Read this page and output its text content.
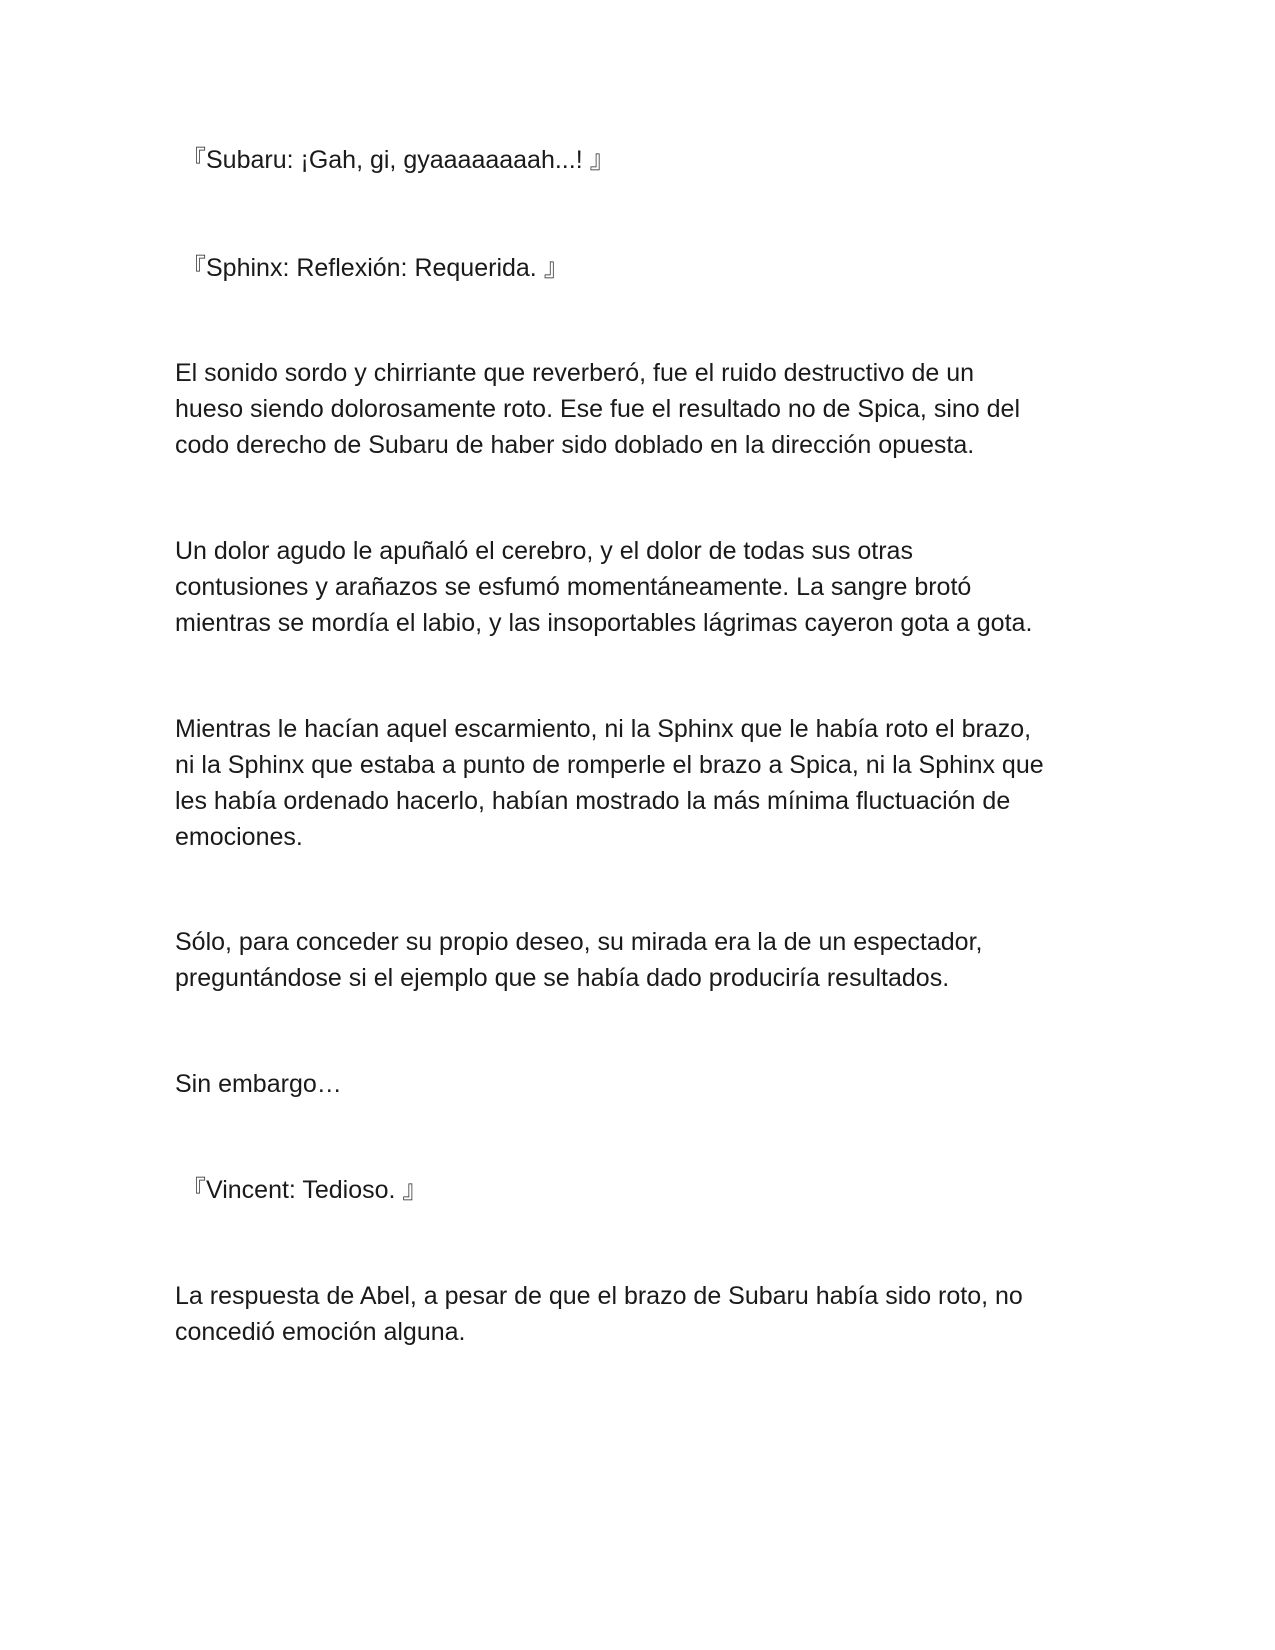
『Subaru: ¡Gah, gi, gyaaaaaaaah...! 』

『Sphinx: Reflexión: Requerida. 』

El sonido sordo y chirriante que reverberó, fue el ruido destructivo de un

hueso siendo dolorosamente roto. Ese fue el resultado no de Spica, sino del

codo derecho de Subaru de haber sido doblado en la dirección opuesta.

Un dolor agudo le apuñaló el cerebro, y el dolor de todas sus otras

contusiones y arañazos se esfumó momentáneamente. La sangre brotó

mientras se mordía el labio, y las insoportables lágrimas cayeron gota a gota.

Mientras le hacían aquel escarmiento, ni la Sphinx que le había roto el brazo,

ni la Sphinx que estaba a punto de romperle el brazo a Spica, ni la Sphinx que

les había ordenado hacerlo, habían mostrado la más mínima fluctuación de

emociones.

Sólo, para conceder su propio deseo, su mirada era la de un espectador,

preguntándose si el ejemplo que se había dado produciría resultados.

Sin embargo…

『Vincent: Tedioso. 』

La respuesta de Abel, a pesar de que el brazo de Subaru había sido roto, no

concedió emoción alguna.
